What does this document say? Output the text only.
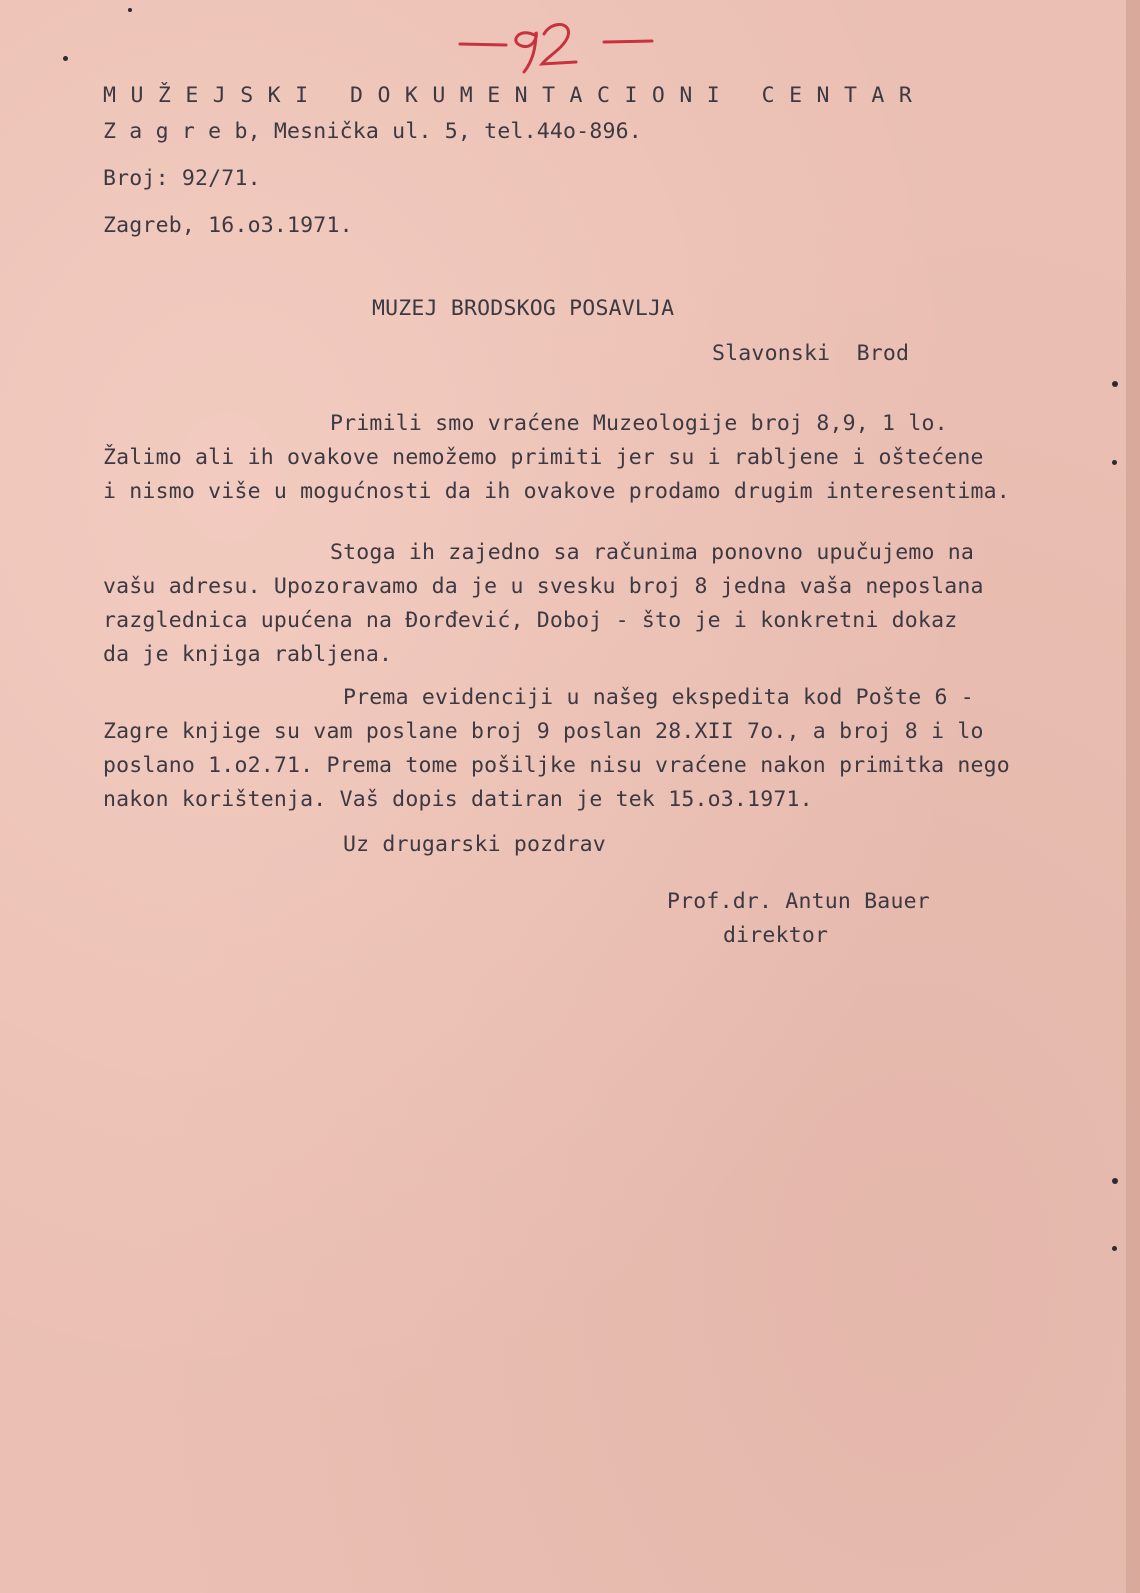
MUŽEJSKI DOKUMENTACIONI CENTAR
Z a g r e b, Mesnička ul. 5, tel.44o-896.
Broj: 92/71.
Zagreb, 16.o3.1971.
MUZEJ BRODSKOG POSAVLJA
Slavonski  Brod
Primili smo vraćene Muzeologije broj 8,9, 1 lo.
Žalimo ali ih ovakove nemožemo primiti jer su i rabljene i oštećene
i nismo više u mogućnosti da ih ovakove prodamo drugim interesentima.
Stoga ih zajedno sa računima ponovno upučujemo na
vašu adresu. Upozoravamo da je u svesku broj 8 jedna vaša neposlana
razglednica upućena na Đorđević, Doboj - što je i konkretni dokaz
da je knjiga rabljena.
Prema evidenciji u našeg ekspedita kod Pošte 6 -
Zagre knjige su vam poslane broj 9 poslan 28.XII 7o., a broj 8 i lo
poslano 1.o2.71. Prema tome pošiljke nisu vraćene nakon primitka nego
nakon korištenja. Vaš dopis datiran je tek 15.o3.1971.
Uz drugarski pozdrav
Prof.dr. Antun Bauer
direktor
